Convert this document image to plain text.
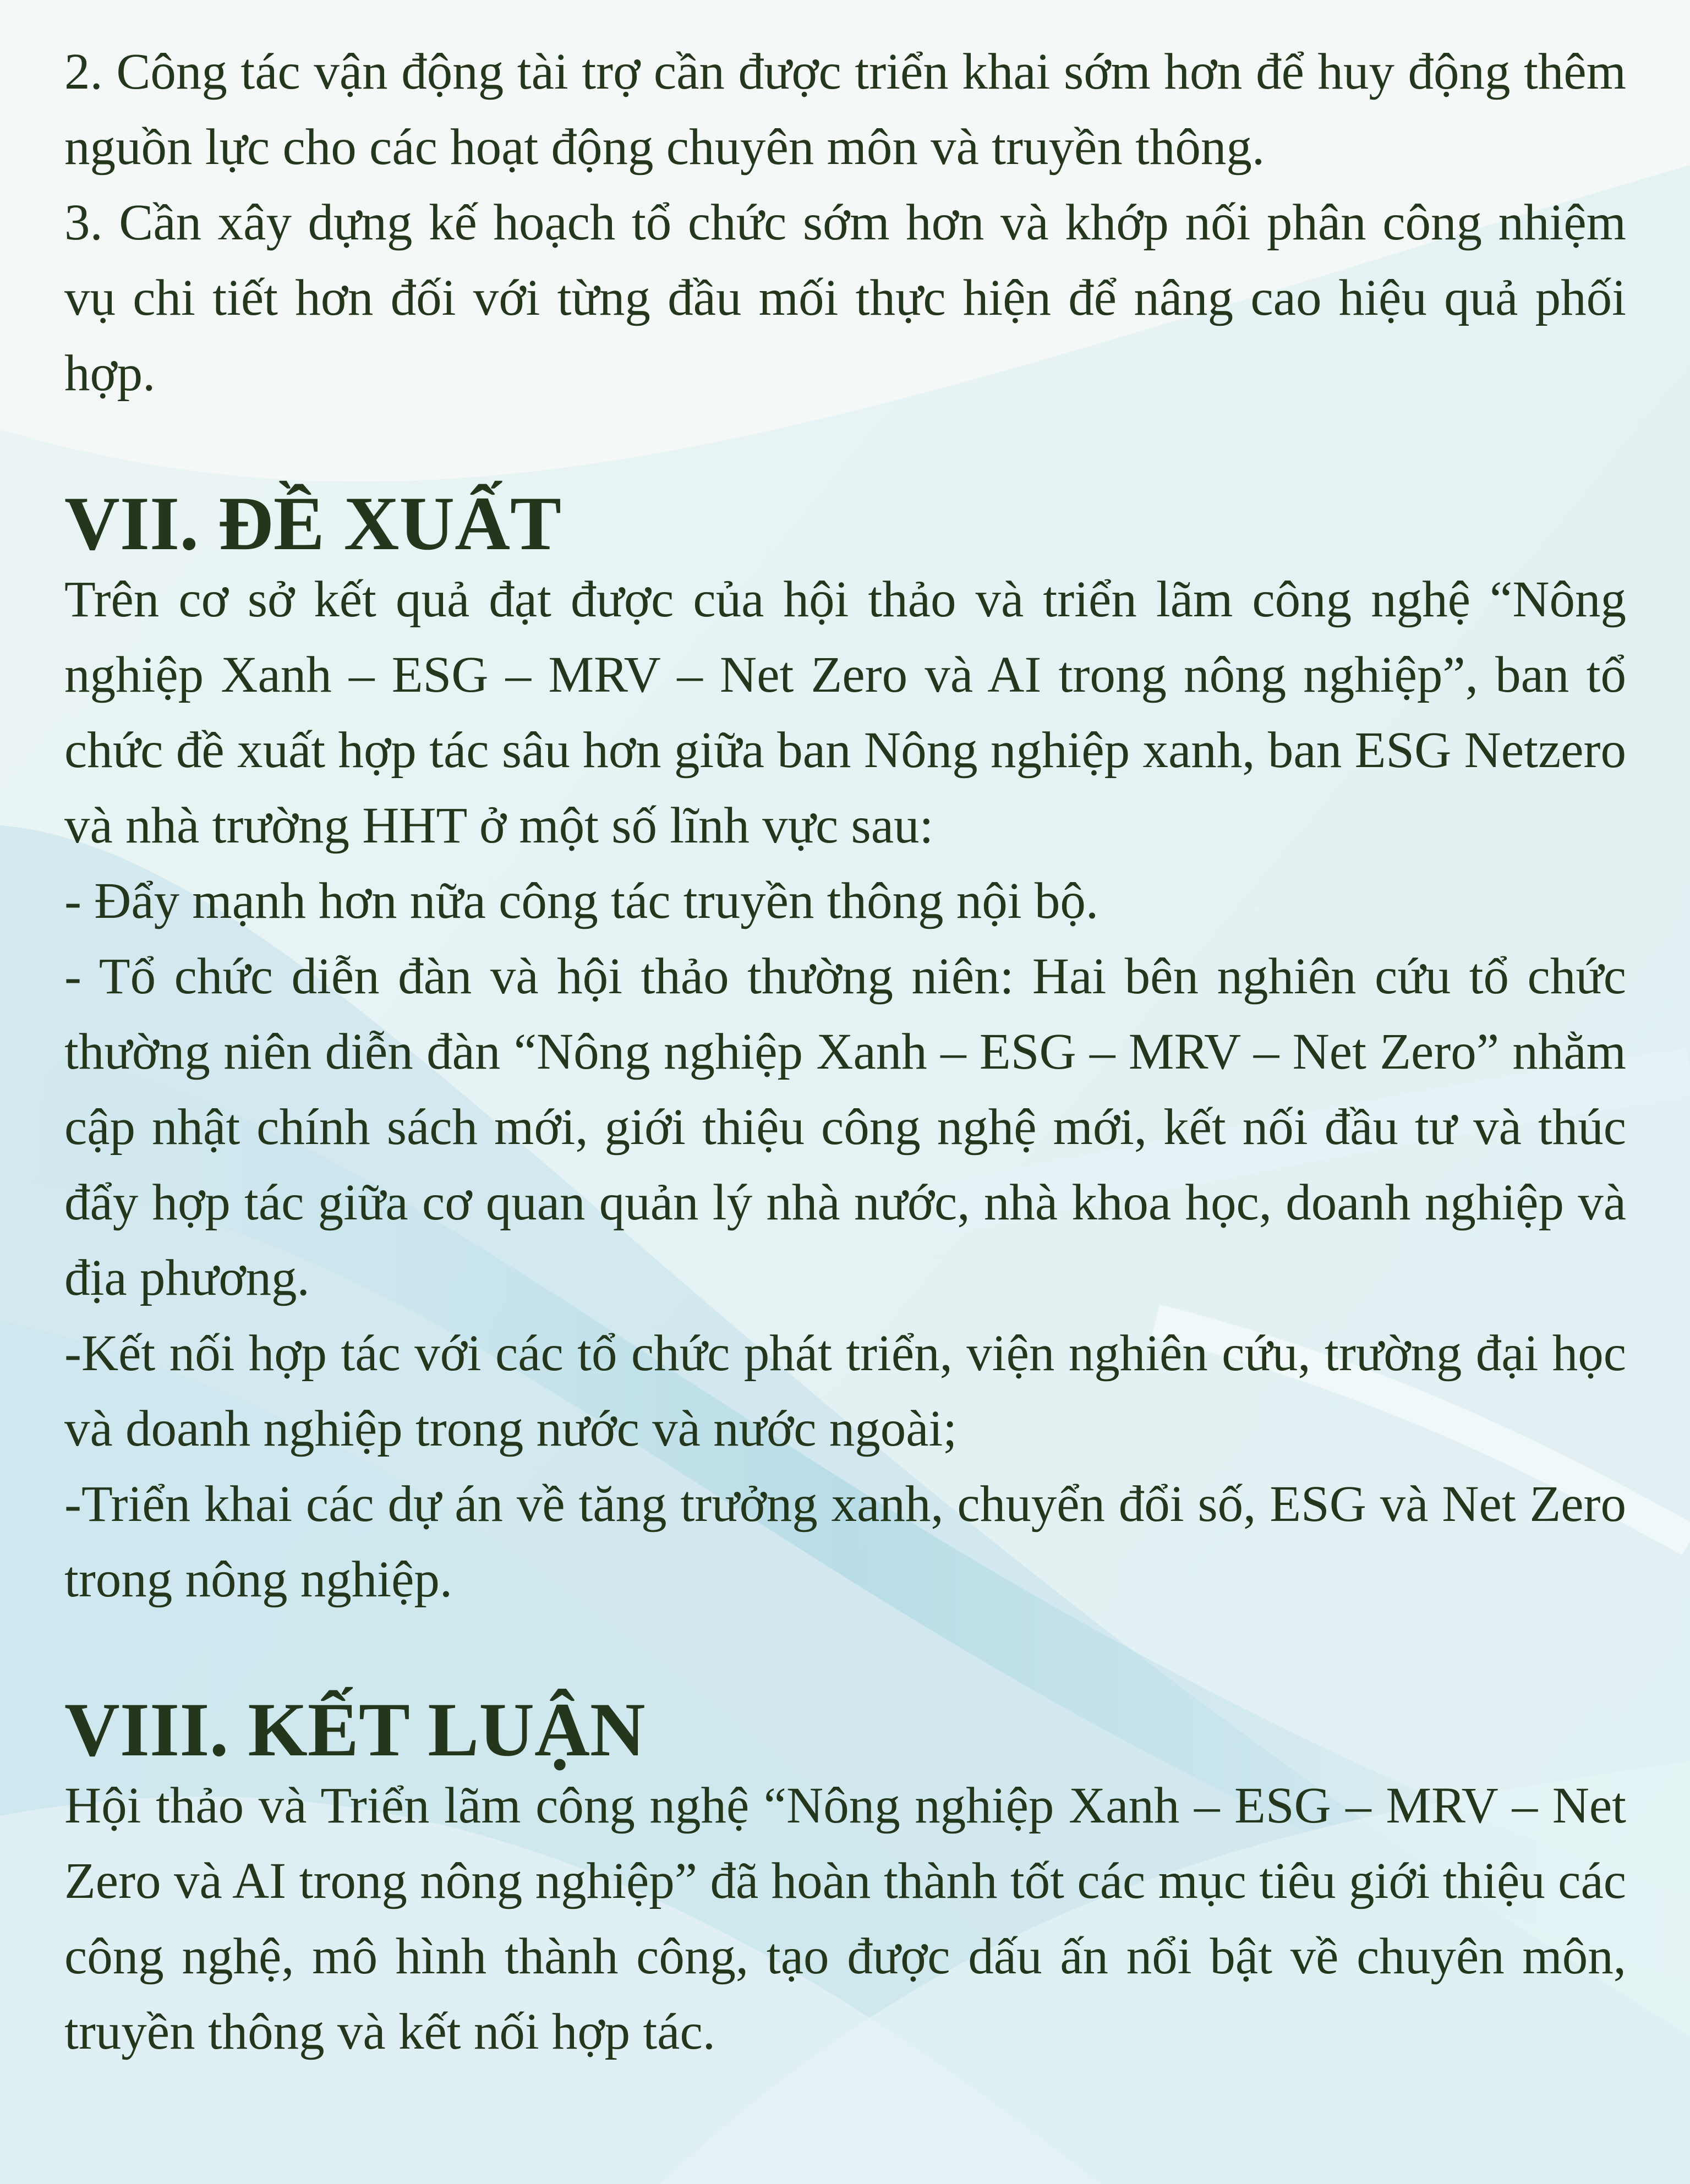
2. Công tác vận động tài trợ cần được triển khai sớm hơn để huy động thêm nguồn lực cho các hoạt động chuyên môn và truyền thông.

3. Cần xây dựng kế hoạch tổ chức sớm hơn và khớp nối phân công nhiệm vụ chi tiết hơn đối với từng đầu mối thực hiện để nâng cao hiệu quả phối hợp.

VII. ĐỀ XUẤT

Trên cơ sở kết quả đạt được của hội thảo và triển lãm công nghệ “Nông nghiệp Xanh – ESG – MRV – Net Zero và AI trong nông nghiệp”, ban tổ chức đề xuất hợp tác sâu hơn giữa ban Nông nghiệp xanh, ban ESG Netzero và nhà trường HHT ở một số lĩnh vực sau:

- Đẩy mạnh hơn nữa công tác truyền thông nội bộ.

- Tổ chức diễn đàn và hội thảo thường niên: Hai bên nghiên cứu tổ chức thường niên diễn đàn “Nông nghiệp Xanh – ESG – MRV – Net Zero” nhằm cập nhật chính sách mới, giới thiệu công nghệ mới, kết nối đầu tư và thúc đẩy hợp tác giữa cơ quan quản lý nhà nước, nhà khoa học, doanh nghiệp và địa phương.

-Kết nối hợp tác với các tổ chức phát triển, viện nghiên cứu, trường đại học và doanh nghiệp trong nước và nước ngoài;

-Triển khai các dự án về tăng trưởng xanh, chuyển đổi số, ESG và Net Zero trong nông nghiệp.

VIII. KẾT LUẬN

Hội thảo và Triển lãm công nghệ “Nông nghiệp Xanh – ESG – MRV – Net Zero và AI trong nông nghiệp” đã hoàn thành tốt các mục tiêu giới thiệu các công nghệ, mô hình thành công, tạo được dấu ấn nổi bật về chuyên môn, truyền thông và kết nối hợp tác.
